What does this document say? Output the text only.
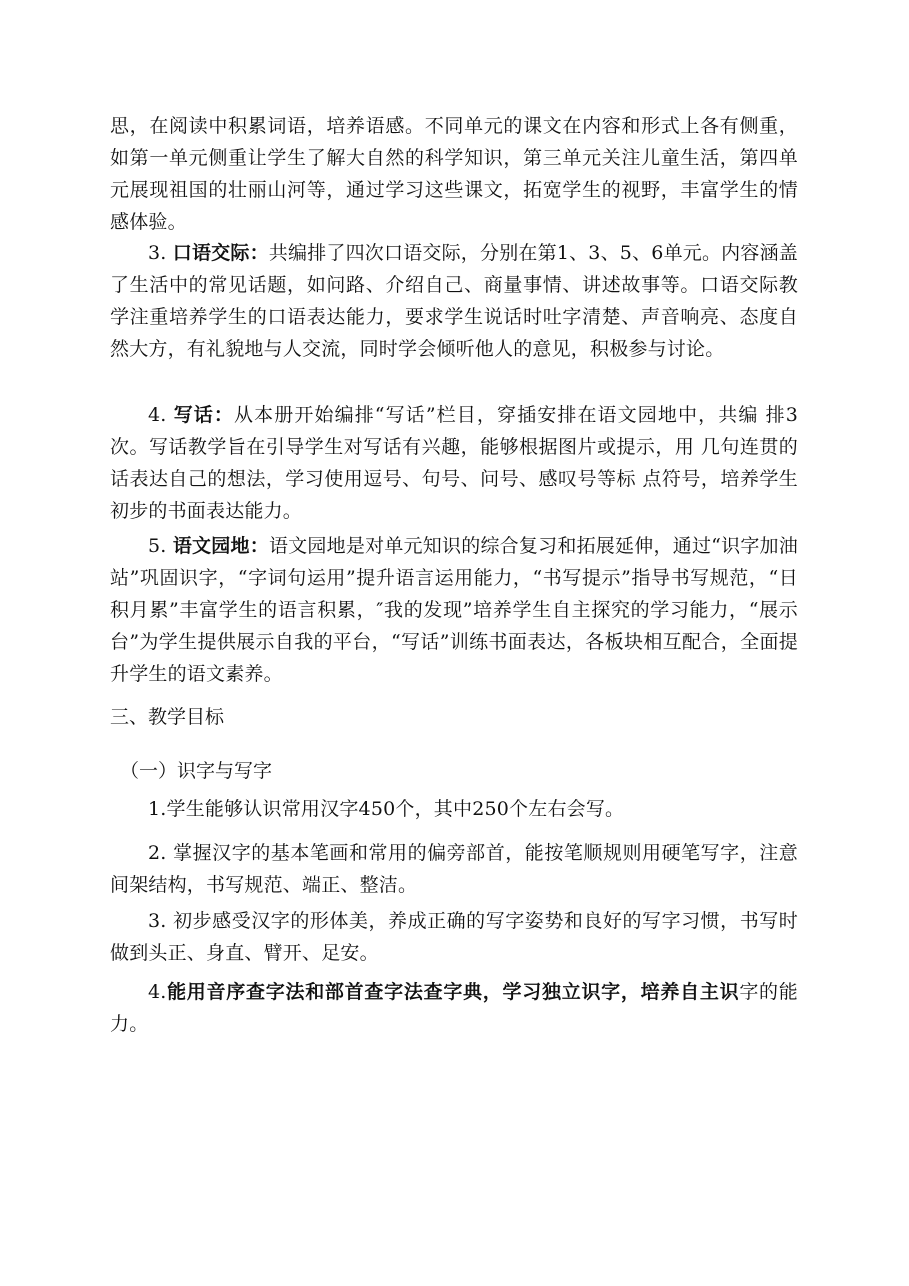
思，在阅读中积累词语，培养语感。不同单元的课文在内容和形式上各有侧重，如第一单元侧重让学生了解大自然的科学知识，第三单元关注儿童生活，第四单元展现祖国的壮丽山河等，通过学习这些课文，拓宽学生的视野，丰富学生的情感体验。
3. 口语交际：共编排了四次口语交际，分别在第1、3、5、6单元。内容涵盖了生活中的常见话题，如问路、介绍自己、商量事情、讲述故事等。口语交际教学注重培养学生的口语表达能力，要求学生说话时吐字清楚、声音响亮、态度自然大方，有礼貌地与人交流，同时学会倾听他人的意见，积极参与讨论。
4. 写话：从本册开始编排“写话”栏目，穿插安排在语文园地中，共编 排3次。写话教学旨在引导学生对写话有兴趣，能够根据图片或提示，用 几句连贯的话表达自己的想法，学习使用逗号、句号、问号、感叹号等标 点符号，培养学生初步的书面表达能力。
5. 语文园地：语文园地是对单元知识的综合复习和拓展延伸，通过“识字加油站”巩固识字，“字词句运用”提升语言运用能力，“书写提示”指导书写规范，“日积月累”丰富学生的语言积累，″我的发现”培养学生自主探究的学习能力，“展示台”为学生提供展示自我的平台，“写话”训练书面表达，各板块相互配合，全面提升学生的语文素养。
三、教学目标
（一）识字与写字
1.学生能够认识常用汉字450个，其中250个左右会写。
2. 掌握汉字的基本笔画和常用的偏旁部首，能按笔顺规则用硬笔写字，注意间架结构，书写规范、端正、整洁。
3. 初步感受汉字的形体美，养成正确的写字姿势和良好的写字习惯，书写时做到头正、身直、臂开、足安。
4.能用音序查字法和部首查字法查字典，学习独立识字，培养自主识字的能力。
